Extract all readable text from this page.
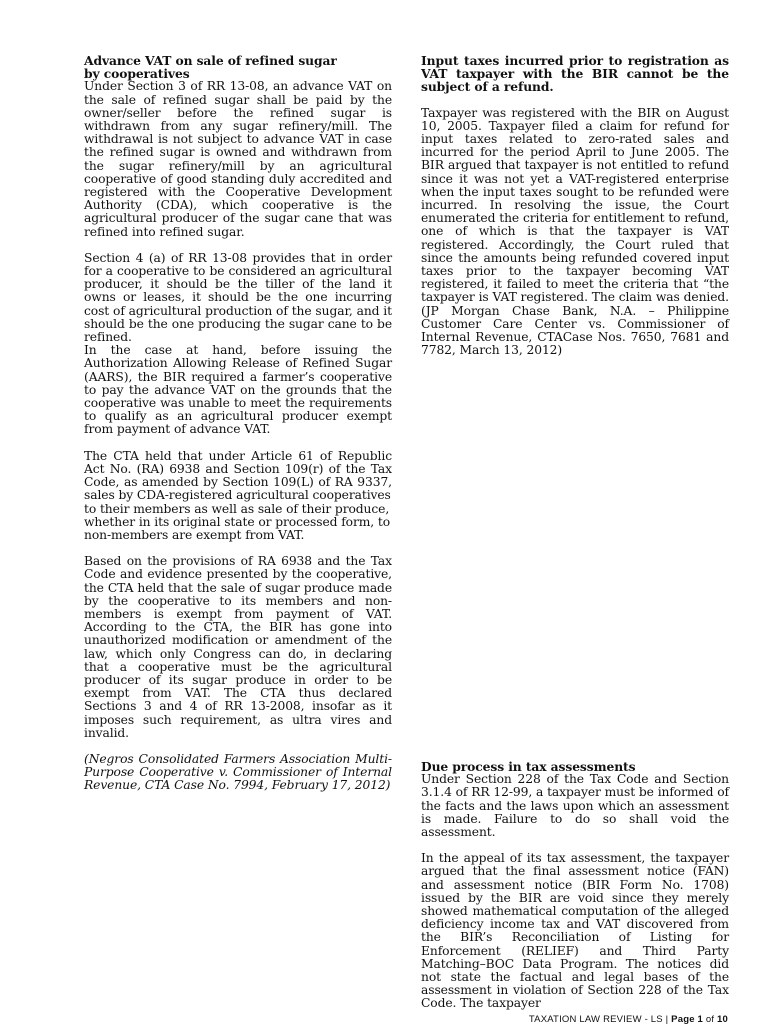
Advance VAT on sale of refined sugar
by cooperatives

Under Section 3 of RR 13-08, an advance VAT on the sale of refined sugar shall be paid by the owner/seller before the refined sugar is withdrawn from any sugar refinery/mill. The withdrawal is not subject to advance VAT in case the refined sugar is owned and withdrawn from the sugar refinery/mill by an agricultural cooperative of good standing duly accredited and registered with the Cooperative Development Authority (CDA), which cooperative is the agricultural producer of the sugar cane that was refined into refined sugar.

Section 4 (a) of RR 13-08 provides that in order for a cooperative to be considered an agricultural producer, it should be the tiller of the land it owns or leases, it should be the one incurring cost of agricultural production of the sugar, and it should be the one producing the sugar cane to be refined.

In the case at hand, before issuing the Authorization Allowing Release of Refined Sugar (AARS), the BIR required a farmer’s cooperative to pay the advance VAT on the grounds that the cooperative was unable to meet the requirements to qualify as an agricultural producer exempt from payment of advance VAT.

The CTA held that under Article 61 of Republic Act No. (RA) 6938 and Section 109(r) of the Tax Code, as amended by Section 109(L) of RA 9337, sales by CDA-registered agricultural cooperatives

to their members as well as sale of their produce, whether in its original state or processed form, to non-members are exempt from VAT.

Based on the provisions of RA 6938 and the Tax Code and evidence presented by the cooperative, the CTA held that the sale of sugar produce made by the cooperative to its members and non-members is exempt from payment of VAT. According to the CTA, the BIR has gone into unauthorized modification or amendment of the law, which only Congress can do, in declaring that a cooperative must be the agricultural producer of its sugar produce in order to be exempt from VAT. The CTA thus declared Sections 3 and 4 of RR 13-2008, insofar as it imposes such requirement, as ultra vires and invalid.

(Negros Consolidated Farmers Association Multi-Purpose Cooperative v. Commissioner of Internal Revenue, CTA Case No. 7994, February 17, 2012)

Input taxes incurred prior to registration as VAT taxpayer with the BIR cannot be the subject of a refund.

Taxpayer was registered with the BIR on August 10, 2005. Taxpayer filed a claim for refund for input taxes related to zero-rated sales and incurred for the period April to June 2005. The BIR argued that taxpayer is not entitled to refund since it was not yet a VAT-registered enterprise when the input taxes sought to be refunded were incurred. In resolving the issue, the Court enumerated the criteria for entitlement to refund, one of which is that the taxpayer is VAT registered. Accordingly, the Court ruled that since the amounts being refunded covered input taxes prior to the taxpayer becoming VAT registered, it failed to meet the criteria that “the taxpayer is VAT registered. The claim was denied. (JP Morgan Chase Bank, N.A. – Philippine Customer Care Center vs. Commissioner of Internal Revenue, CTACase Nos. 7650, 7681 and 7782, March 13, 2012)

Due process in tax assessments

Under Section 228 of the Tax Code and Section 3.1.4 of RR 12-99, a taxpayer must be informed of the facts and the laws upon which an assessment is made. Failure to do so shall void the assessment.

In the appeal of its tax assessment, the taxpayer argued that the final assessment notice (FAN) and assessment notice (BIR Form No. 1708) issued by the BIR are void since they merely showed mathematical computation of the alleged deficiency income tax and VAT discovered from the BIR’s Reconciliation of Listing for Enforcement (RELIEF) and Third Party Matching–BOC Data Program. The notices did not state the factual and legal bases of the assessment in violation of Section 228 of the Tax Code. The taxpayer

TAXATION LAW REVIEW - LS | Page 1 of 10
